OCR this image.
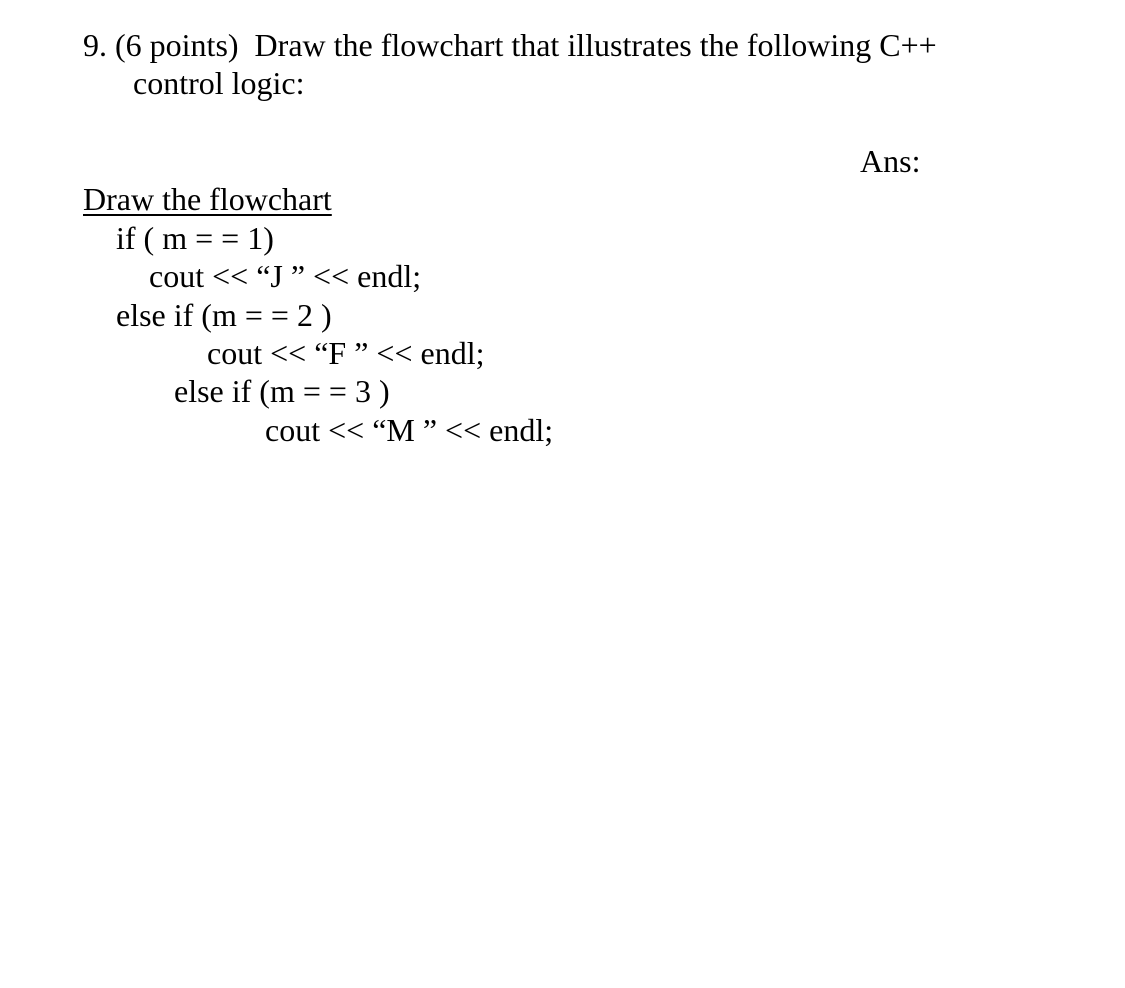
9. (6 points)  Draw the flowchart that illustrates the following C++
control logic:
Ans:
Draw the flowchart
if ( m = = 1)
cout << “J ” << endl;
else if (m = = 2 )
cout << “F ” << endl;
else if (m = = 3 )
cout << “M ” << endl;
